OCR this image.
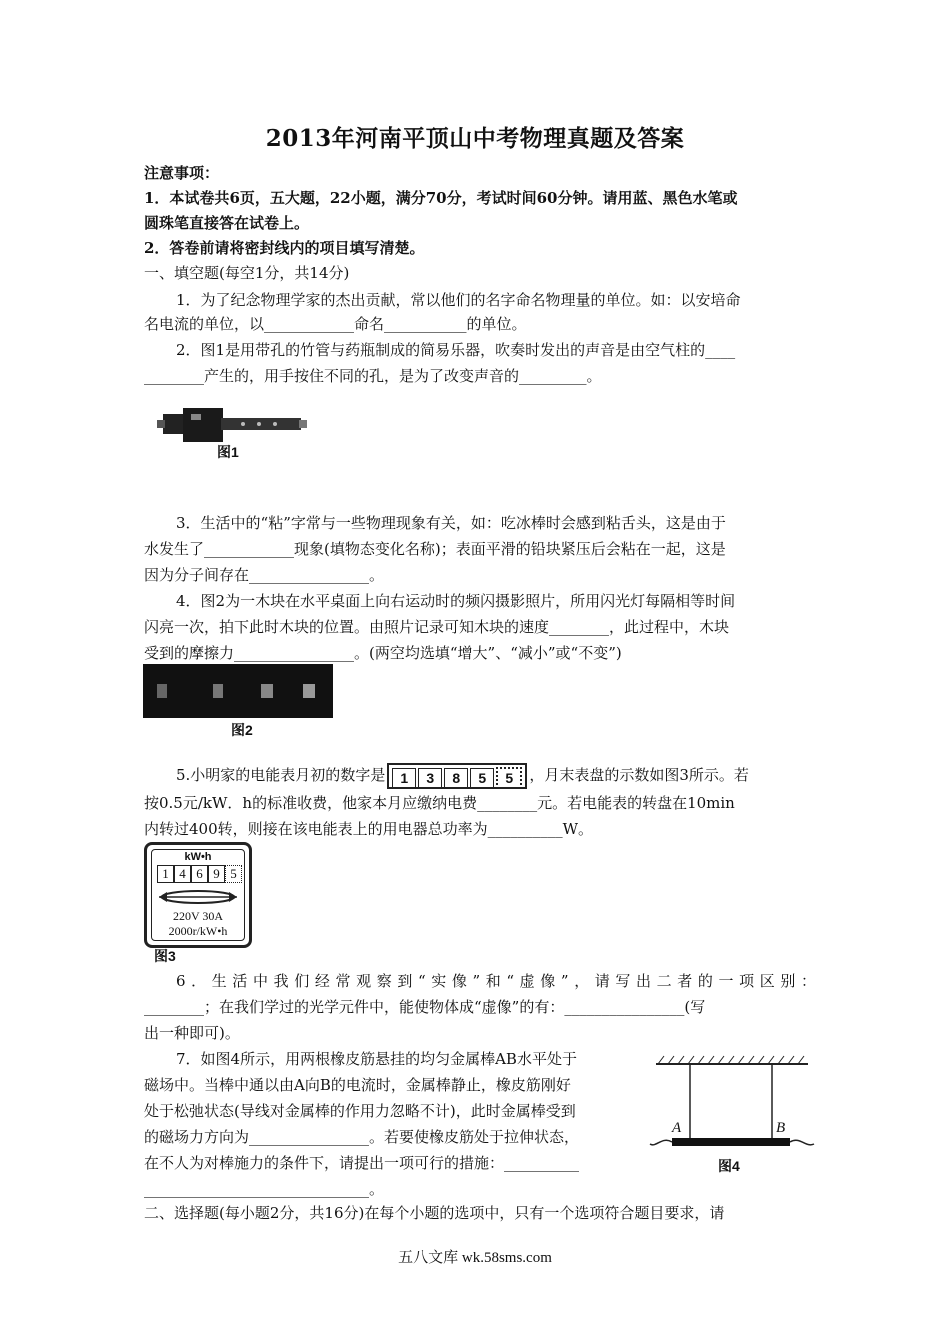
2013年河南平顶山中考物理真题及答案
注意事项：
1．本试卷共6页，五大题，22小题，满分70分，考试时间60分钟。请用蓝、黑色水笔或
圆珠笔直接答在试卷上。
2．答卷前请将密封线内的项目填写清楚。
一、填空题(每空1分，共14分)
1．为了纪念物理学家的杰出贡献，常以他们的名字命名物理量的单位。如：以安培命
名电流的单位，以____________命名___________的单位。
2．图1是用带孔的竹管与药瓶制成的简易乐器，吹奏时发出的声音是由空气柱的____
________产生的，用手按住不同的孔，是为了改变声音的_________。
图1
3．生活中的“粘”字常与一些物理现象有关，如：吃冰棒时会感到粘舌头，这是由于
水发生了____________现象(填物态变化名称)；表面平滑的铅块紧压后会粘在一起，这是
因为分子间存在________________。
4．图2为一木块在水平桌面上向右运动时的频闪摄影照片，所用闪光灯每隔相等时间
闪亮一次，拍下此时木块的位置。由照片记录可知木块的速度________，此过程中，木块
受到的摩擦力________________。(两空均选填“增大”、“减小”或“不变”)
图2
5.小明家的电能表月初的数字是 1 3 8 5 5 ，月末表盘的示数如图3所示。若
按0.5元/kW．h的标准收费，他家本月应缴纳电费________元。若电能表的转盘在10min
内转过400转，则接在该电能表上的用电器总功率为__________W。
kW•h
1 4 6 9 5
220V 30A
2000r/kW•h
图3
6．生活中我们经常观察到“实像”和“虚像”，请写出二者的一项区别：
________；在我们学过的光学元件中，能使物体成“虚像”的有：________________(写
出一种即可)。
7．如图4所示，用两根橡皮筋悬挂的均匀金属棒AB水平处于
磁场中。当棒中通以由A向B的电流时，金属棒静止，橡皮筋刚好
处于松弛状态(导线对金属棒的作用力忽略不计)，此时金属棒受到
的磁场力方向为________________。若要使橡皮筋处于拉伸状态，
在不人为对棒施力的条件下，请提出一项可行的措施：__________
______________________________。
A	B
图4
二、选择题(每小题2分，共16分)在每个小题的选项中，只有一个选项符合题目要求，请
五八文库 wk.58sms.com
